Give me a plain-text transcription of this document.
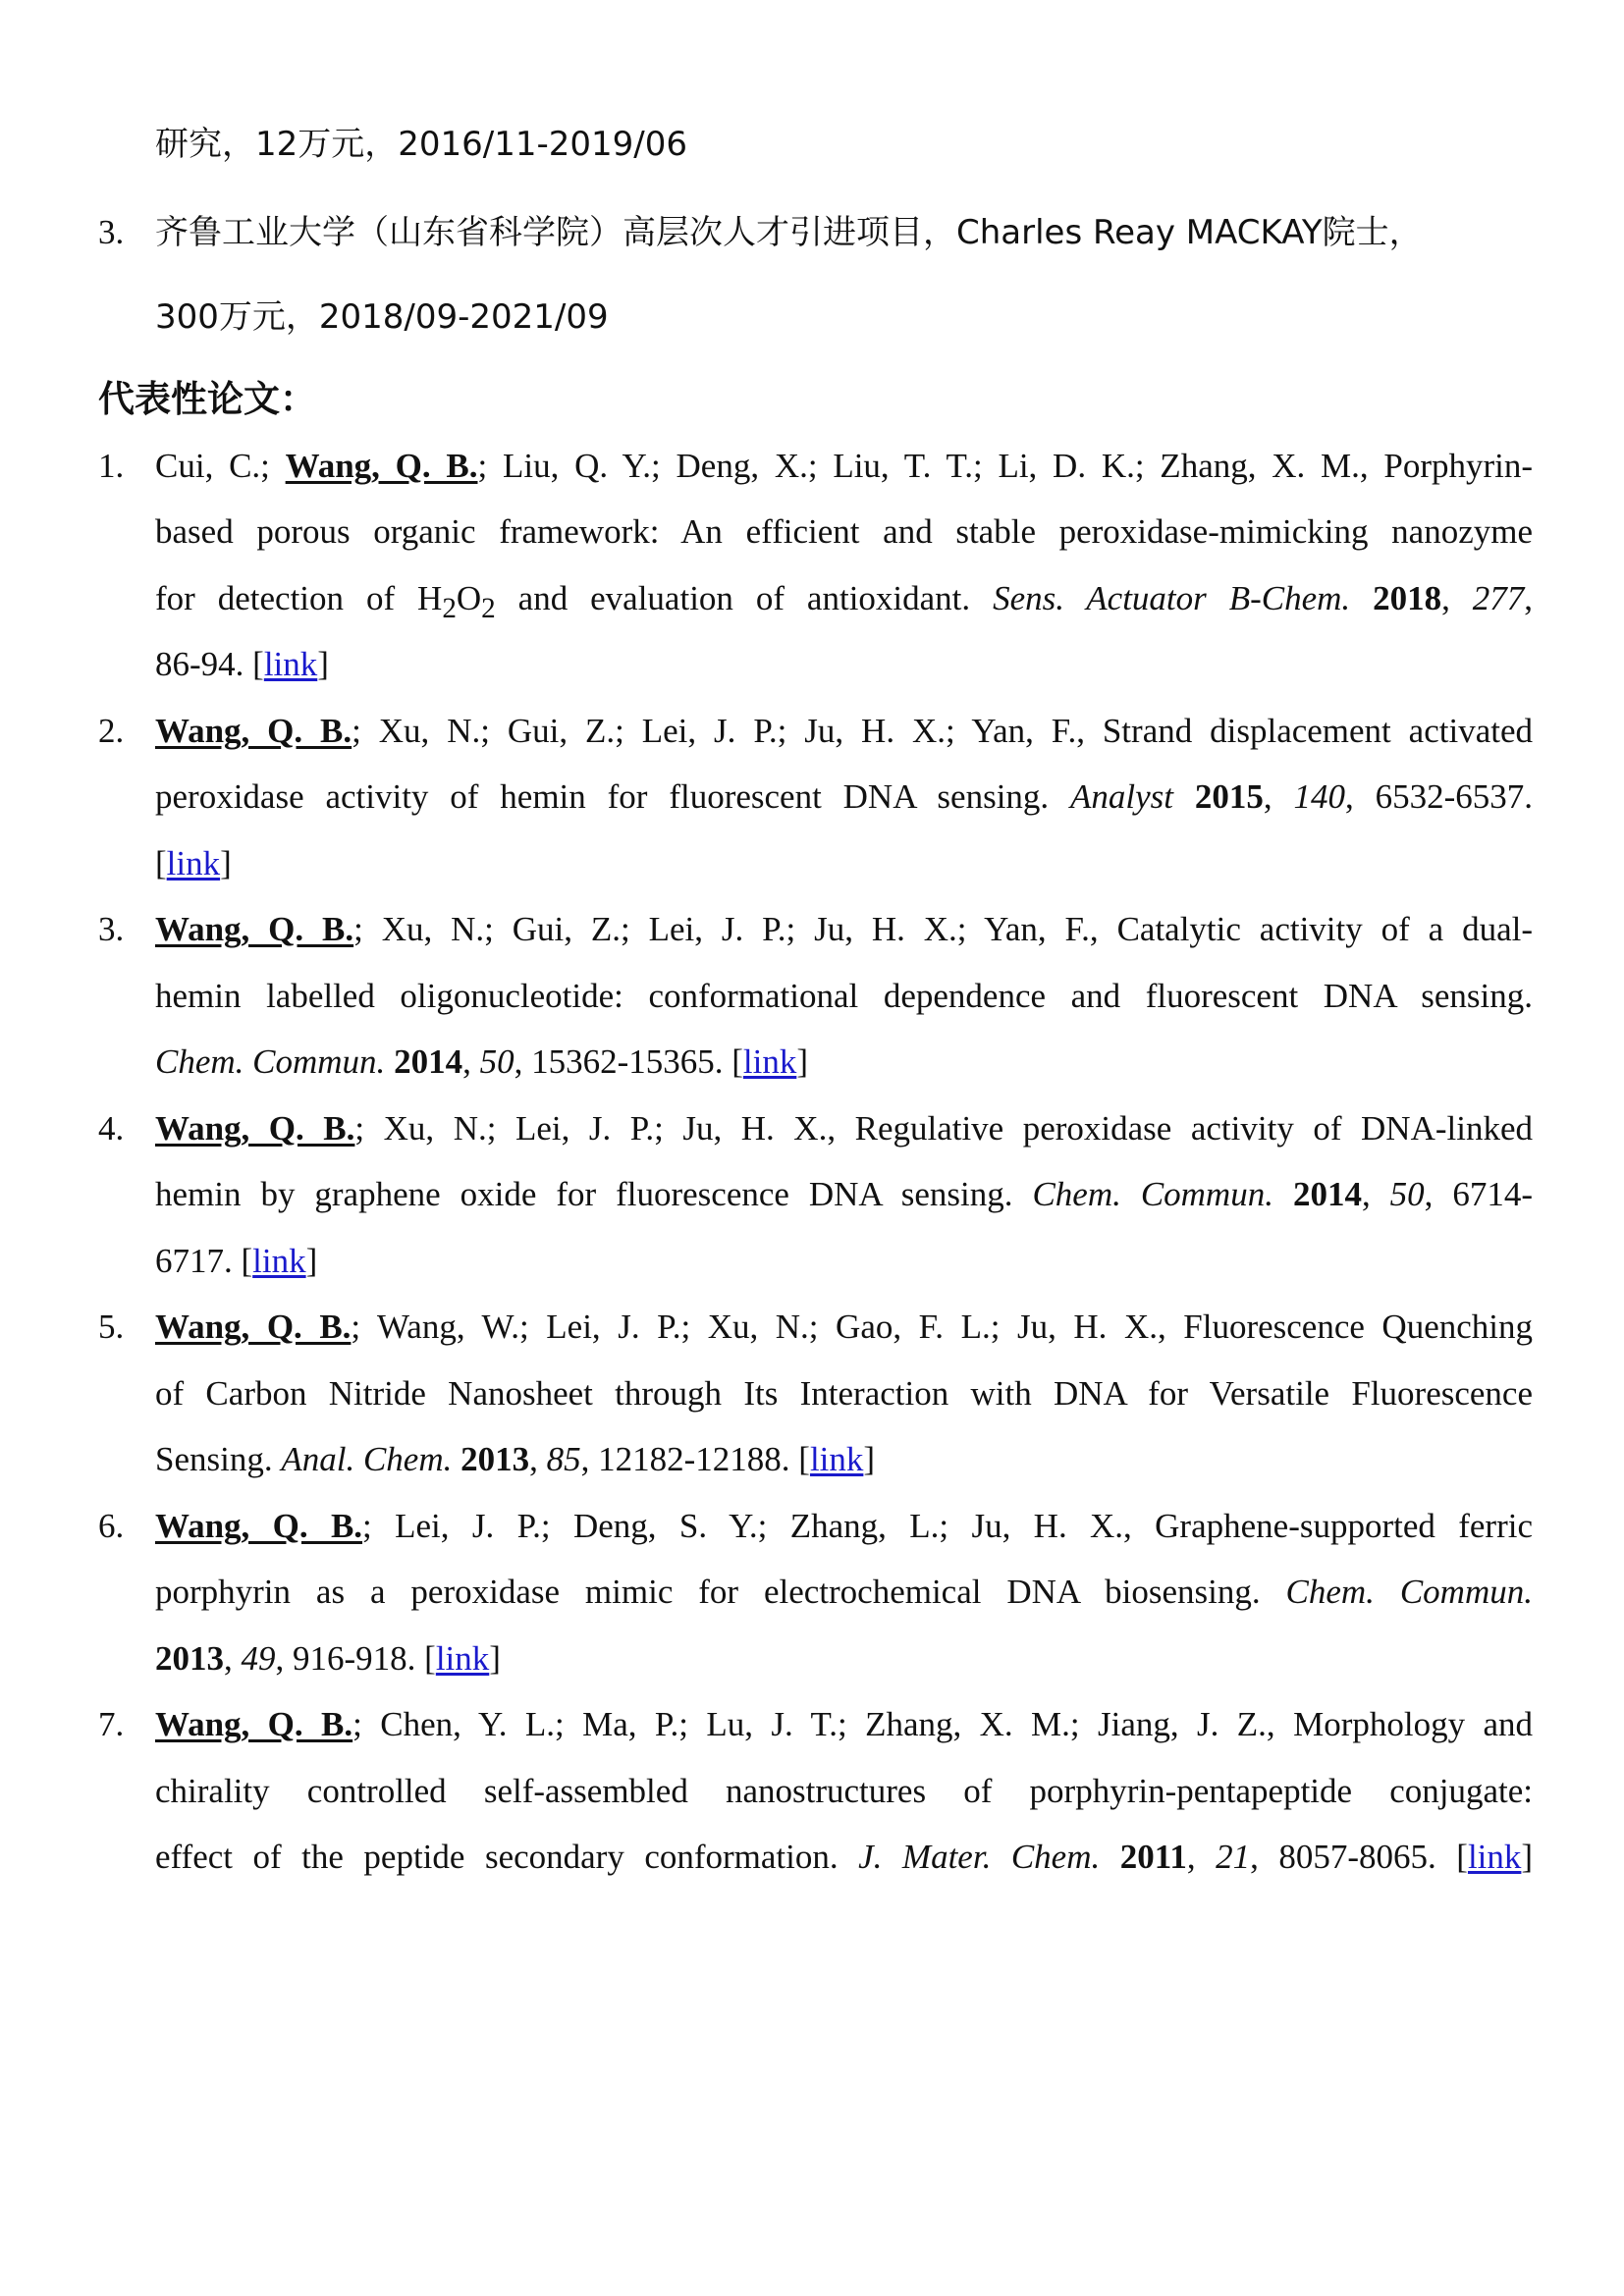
研究，12万元，2016/11-2019/06
3. 齐鲁工业大学（山东省科学院）高层次人才引进项目，Charles Reay MACKAY院士，
300万元，2018/09-2021/09
代表性论文：
1. Cui, C.; Wang, Q. B.; Liu, Q. Y.; Deng, X.; Liu, T. T.; Li, D. K.; Zhang, X. M., Porphyrin-
based porous organic framework: An efficient and stable peroxidase-mimicking nanozyme
for detection of $H_2O_2$ and evaluation of antioxidant. Sens. Actuator B-Chem. 2018, 277,
86-94. [link]
2. Wang, Q. B.; Xu, N.; Gui, Z.; Lei, J. P.; Ju, H. X.; Yan, F., Strand displacement activated
peroxidase activity of hemin for fluorescent DNA sensing. Analyst 2015, 140, 6532-6537.
[link]
3. Wang, Q. B.; Xu, N.; Gui, Z.; Lei, J. P.; Ju, H. X.; Yan, F., Catalytic activity of a dual-
hemin labelled oligonucleotide: conformational dependence and fluorescent DNA sensing.
Chem. Commun. 2014, 50, 15362-15365. [link]
4. Wang, Q. B.; Xu, N.; Lei, J. P.; Ju, H. X., Regulative peroxidase activity of DNA-linked
hemin by graphene oxide for fluorescence DNA sensing. Chem. Commun. 2014, 50, 6714-
6717. [link]
5. Wang, Q. B.; Wang, W.; Lei, J. P.; Xu, N.; Gao, F. L.; Ju, H. X., Fluorescence Quenching
of Carbon Nitride Nanosheet through Its Interaction with DNA for Versatile Fluorescence
Sensing. Anal. Chem. 2013, 85, 12182-12188. [link]
6. Wang, Q. B.; Lei, J. P.; Deng, S. Y.; Zhang, L.; Ju, H. X., Graphene-supported ferric
porphyrin as a peroxidase mimic for electrochemical DNA biosensing. Chem. Commun.
2013, 49, 916-918. [link]
7. Wang, Q. B.; Chen, Y. L.; Ma, P.; Lu, J. T.; Zhang, X. M.; Jiang, J. Z., Morphology and
chirality controlled self-assembled nanostructures of porphyrin-pentapeptide conjugate:
effect of the peptide secondary conformation. J. Mater. Chem. 2011, 21, 8057-8065. [link]
